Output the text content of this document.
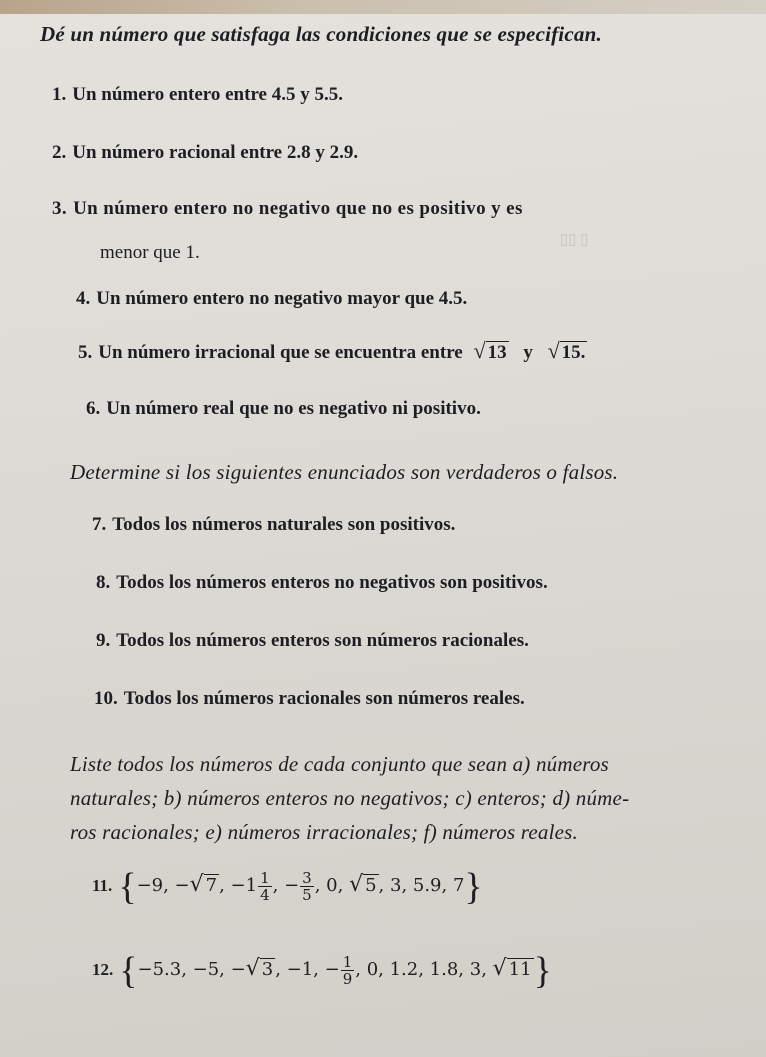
▯▯ ▯
Dé un número que satisfaga las condiciones que se especifican.
1. Un número entero entre 4.5 y 5.5.
2. Un número racional entre 2.8 y 2.9.
3. Un número entero no negativo que no es positivo y es
menor que 1.
4. Un número entero no negativo mayor que 4.5.
5. Un número irracional que se encuentra entre √ 13 y √ 15.
6. Un número real que no es negativo ni positivo.
Determine si los siguientes enunciados son verdaderos o falsos.
7. Todos los números naturales son positivos.
8. Todos los números enteros no negativos son positivos.
9. Todos los números enteros son números racionales.
10. Todos los números racionales son números reales.
Liste todos los números de cada conjunto que sean a) números
naturales; b) números enteros no negativos; c) enteros; d) núme-
ros racionales; e) números irracionales; f) números reales.
11. {−9, −√ 7 , $-1 \frac{1}{4}$ , − $\frac{3}{5}$ , 0, √ 5 , 3, 5.9, 7}
12. {−5.3, −5, −√ 3 , −1, − $\frac{1}{9}$ , 0, 1.2, 1.8, 3, √ 11}
